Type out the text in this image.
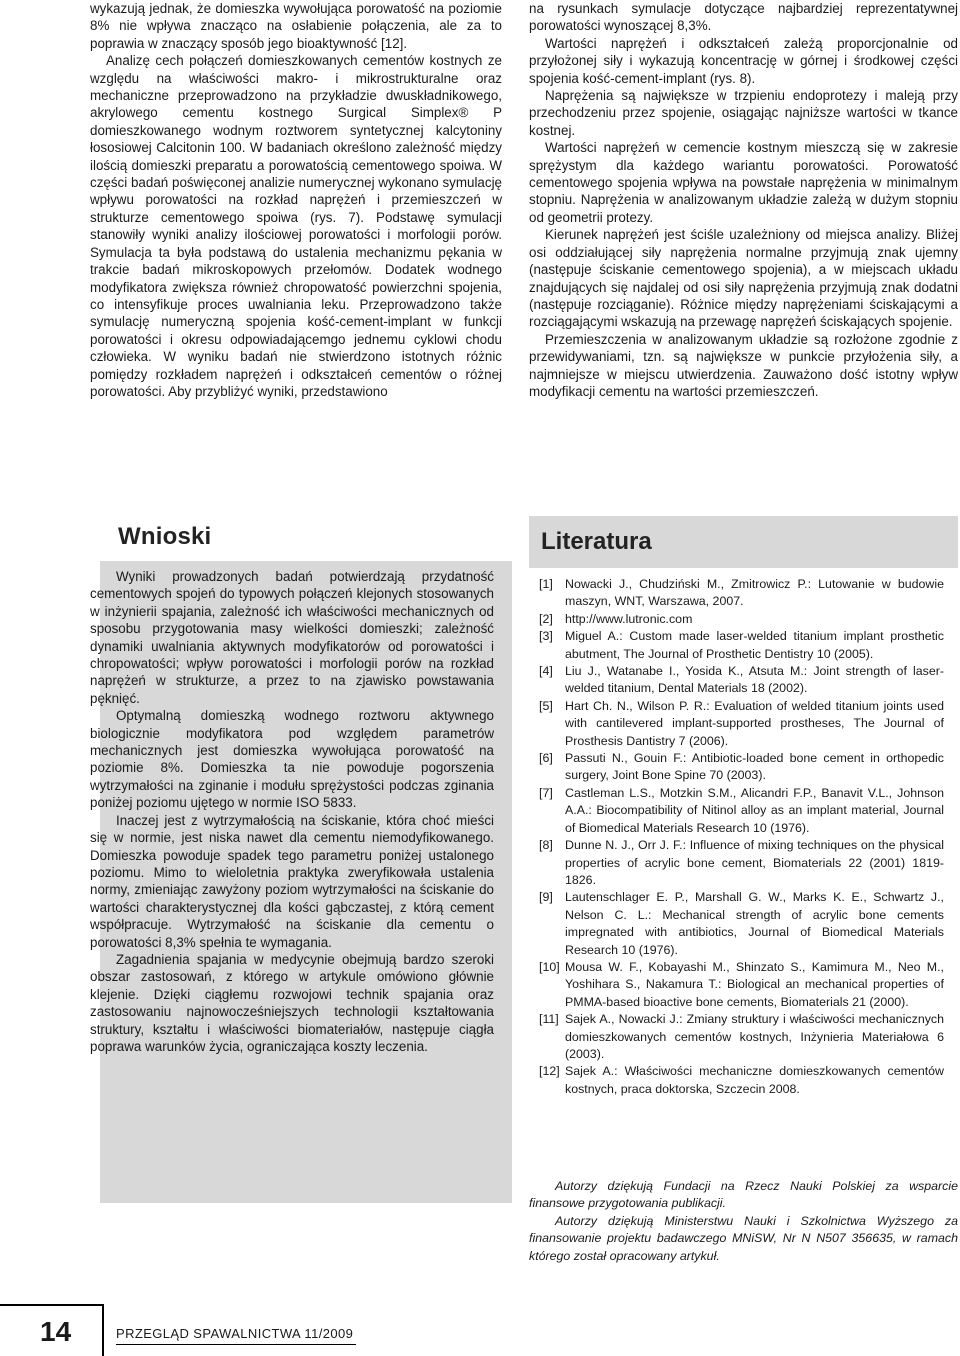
wykazują jednak, że domieszka wywołująca porowatość na poziomie 8% nie wpływa znacząco na osłabienie połączenia, ale za to poprawia w znaczący sposób jego bioaktywność [12].

Analizę cech połączeń domieszkowanych cementów kostnych ze względu na właściwości makro- i mikrostrukturalne oraz mechaniczne przeprowadzono na przykładzie dwuskładnikowego, akrylowego cementu kostnego Surgical Simplex® P domieszkowanego wodnym roztworem syntetycznej kalcytoniny łososiowej Calcitonin 100. W badaniach określono zależność między ilością domieszki preparatu a porowatością cementowego spoiwa. W części badań poświęconej analizie numerycznej wykonano symulację wpływu porowatości na rozkład naprężeń i przemieszczeń w strukturze cementowego spoiwa (rys. 7). Podstawę symulacji stanowiły wyniki analizy ilościowej porowatości i morfologii porów. Symulacja ta była podstawą do ustalenia mechanizmu pękania w trakcie badań mikroskopowych przełomów. Dodatek wodnego modyfikatora zwiększa również chropowatość powierzchni spojenia, co intensyfikuje proces uwalniania leku. Przeprowadzono także symulację numeryczną spojenia kość-cement-implant w funkcji porowatości i okresu odpowiadającemgo jednemu cyklowi chodu człowieka. W wyniku badań nie stwierdzono istotnych różnic pomiędzy rozkładem naprężeń i odkształceń cementów o różnej porowatości. Aby przybliżyć wyniki, przedstawiono

na rysunkach symulacje dotyczące najbardziej reprezentatywnej porowatości wynoszącej 8,3%.

Wartości naprężeń i odkształceń zależą proporcjonalnie od przyłożonej siły i wykazują koncentrację w górnej i środkowej części spojenia kość-cement-implant (rys. 8).

Naprężenia są największe w trzpieniu endoprotezy i maleją przy przechodzeniu przez spojenie, osiągając najniższe wartości w tkance kostnej.

Wartości naprężeń w cemencie kostnym mieszczą się w zakresie sprężystym dla każdego wariantu porowatości. Porowatość cementowego spojenia wpływa na powstałe naprężenia w minimalnym stopniu. Naprężenia w analizowanym układzie zależą w dużym stopniu od geometrii protezy.

Kierunek naprężeń jest ściśle uzależniony od miejsca analizy. Bliżej osi oddziałującej siły naprężenia normalne przyjmują znak ujemny (następuje ściskanie cementowego spojenia), a w miejscach układu znajdujących się najdalej od osi siły naprężenia przyjmują znak dodatni (następuje rozciąganie). Różnice między naprężeniami ściskającymi a rozciągającymi wskazują na przewagę naprężeń ściskających spojenie.

Przemieszczenia w analizowanym układzie są rozłożone zgodnie z przewidywaniami, tzn. są największe w punkcie przyłożenia siły, a najmniejsze w miejscu utwierdzenia. Zauważono dość istotny wpływ modyfikacji cementu na wartości przemieszczeń.

Wnioski

Wyniki prowadzonych badań potwierdzają przydatność cementowych spojeń do typowych połączeń klejonych stosowanych w inżynierii spajania, zależność ich właściwości mechanicznych od sposobu przygotowania masy wielkości domieszki; zależność dynamiki uwalniania aktywnych modyfikatorów od porowatości i chropowatości; wpływ porowatości i morfologii porów na rozkład naprężeń w strukturze, a przez to na zjawisko powstawania pęknięć.

Optymalną domieszką wodnego roztworu aktywnego biologicznie modyfikatora pod względem parametrów mechanicznych jest domieszka wywołująca porowatość na poziomie 8%. Domieszka ta nie powoduje pogorszenia wytrzymałości na zginanie i modułu sprężystości podczas zginania poniżej poziomu ujętego w normie ISO 5833.

Inaczej jest z wytrzymałością na ściskanie, która choć mieści się w normie, jest niska nawet dla cementu niemodyfikowanego. Domieszka powoduje spadek tego parametru poniżej ustalonego poziomu. Mimo to wieloletnia praktyka zweryfikowała ustalenia normy, zmieniając zawyżony poziom wytrzymałości na ściskanie do wartości charakterystycznej dla kości gąbczastej, z którą cement współpracuje. Wytrzymałość na ściskanie dla cementu o porowatości 8,3% spełnia te wymagania.

Zagadnienia spajania w medycynie obejmują bardzo szeroki obszar zastosowań, z którego w artykule omówiono głównie klejenie. Dzięki ciągłemu rozwojowi technik spajania oraz zastosowaniu najnowocześniejszych technologii kształtowania struktury, kształtu i właściwości biomateriałów, następuje ciągła poprawa warunków życia, ograniczająca koszty leczenia.

Literatura
[1] Nowacki J., Chudziński M., Zmitrowicz P.: Lutowanie w budowie maszyn, WNT, Warszawa, 2007.
[2] http://www.lutronic.com
[3] Miguel A.: Custom made laser-welded titanium implant prosthetic abutment, The Journal of Prosthetic Dentistry 10 (2005).
[4] Liu J., Watanabe I., Yosida K., Atsuta M.: Joint strength of laser-welded titanium, Dental Materials 18 (2002).
[5] Hart Ch. N., Wilson P. R.: Evaluation of welded titanium joints used with cantilevered implant-supported prostheses, The Journal of Prosthesis Dantistry 7 (2006).
[6] Passuti N., Gouin F.: Antibiotic-loaded bone cement in orthopedic surgery, Joint Bone Spine 70 (2003).
[7] Castleman L.S., Motzkin S.M., Alicandri F.P., Banavit V.L., Johnson A.A.: Biocompatibility of Nitinol alloy as an implant material, Journal of Biomedical Materials Research 10 (1976).
[8] Dunne N. J., Orr J. F.: Influence of mixing techniques on the physical properties of acrylic bone cement, Biomaterials 22 (2001) 1819-1826.
[9] Lautenschlager E. P., Marshall G. W., Marks K. E., Schwartz J., Nelson C. L.: Mechanical strength of acrylic bone cements impregnated with antibiotics, Journal of Biomedical Materials Research 10 (1976).
[10] Mousa W. F., Kobayashi M., Shinzato S., Kamimura M., Neo M., Yoshihara S., Nakamura T.: Biological an mechanical properties of PMMA-based bioactive bone cements, Biomaterials 21 (2000).
[11] Sajek A., Nowacki J.: Zmiany struktury i właściwości mechanicznych domieszkowanych cementów kostnych, Inżynieria Materiałowa 6 (2003).
[12] Sajek A.: Właściwości mechaniczne domieszkowanych cementów kostnych, praca doktorska, Szczecin 2008.

Autorzy dziękują Fundacji na Rzecz Nauki Polskiej za wsparcie finansowe przygotowania publikacji.

Autorzy dziękują Ministerstwu Nauki i Szkolnictwa Wyższego za finansowanie projektu badawczego MNiSW, Nr N N507 356635, w ramach którego został opracowany artykuł.

14	PRZEGLĄD SPAWALNICTWA 11/2009
